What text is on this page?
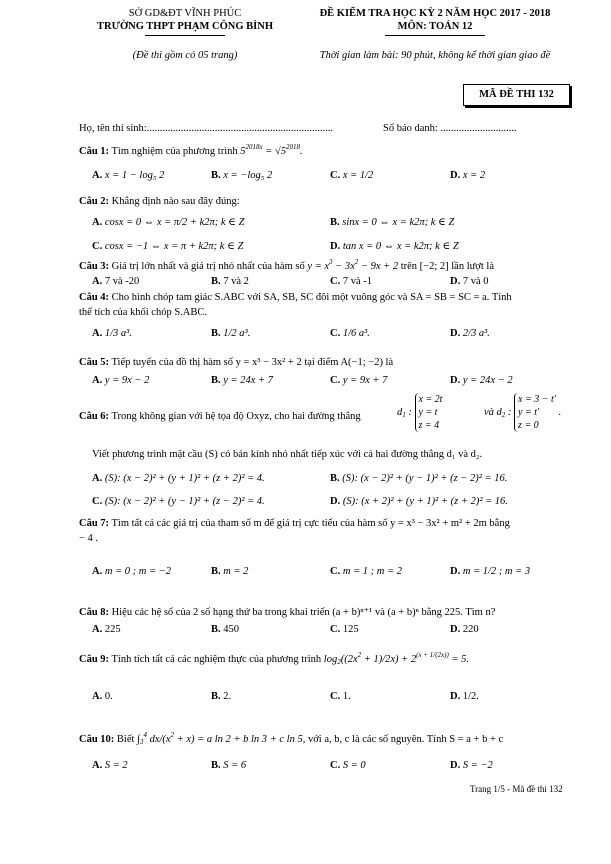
SỞ GD&ĐT VĨNH PHÚC
TRƯỜNG THPT PHẠM CÔNG BÌNH
(Đề thi gồm có 05 trang)
ĐỀ KIỂM TRA HỌC KỲ 2 NĂM HỌC 2017 - 2018
MÔN: TOÁN 12
Thời gian làm bài: 90 phút, không kể thời gian giao đề
MÃ ĐỀ THI 132
Họ, tên thí sinh:.......................................................................	Số báo danh: .............................
Câu 1: Tìm nghiệm của phương trình $5^{2018x} = √5^{2018}$.
A. x = 1 − log₅ 2	B. x = −log₅ 2	C. x = 1/2	D. x = 2
Câu 2: Khẳng định nào sau đây đúng:
A. cosx = 0 ⇔ x = π/2 + k2π; k ∈ Z	B. sinx = 0 ⇔ x = k2π; k ∈ Z
C. cosx = −1 ⇔ x = π + k2π; k ∈ Z	D. tan x = 0 ⇔ x = k2π; k ∈ Z
Câu 3: Giá trị lớn nhất và giá trị nhỏ nhất của hàm số $y = x^3 - 3x^2 - 9x + 2$ trên [−2; 2] lần lượt là
A. 7 và -20	B. 7 và 2	C. 7 và -1	D. 7 và 0
Câu 4: Cho hình chóp tam giác S.ABC với SA, SB, SC đôi một vuông góc và SA = SB = SC = a. Tính
thể tích của khối chóp S.ABC.
A. 1/3 a³.	B. 1/2 a³.	C. 1/6 a³.	D. 2/3 a³.
Câu 5: Tiếp tuyến của đồ thị hàm số y = x³ − 3x² + 2 tại điểm A(−1; −2) là
A. y = 9x − 2	B. y = 24x + 7	C. y = 9x + 7	D. y = 24x − 2
Câu 6: Trong không gian với hệ tọa độ Oxyz, cho hai đường thẳng	$d_1$ : x = 2t
y = t
z = 4
và $d_2$ : x = 3 − t′
y = t′
z = 0 .
Viết phương trình mặt cầu (S) có bán kính nhỏ nhất tiếp xúc với cả hai đường thẳng d₁ và d₂.
A. (S): (x − 2)² + (y + 1)² + (z + 2)² = 4.	B. (S): (x − 2)² + (y − 1)² + (z − 2)² = 16.
C. (S): (x − 2)² + (y − 1)² + (z − 2)² = 4.	D. (S): (x + 2)² + (y + 1)² + (z + 2)² = 16.
Câu 7: Tìm tất cả các giá trị của tham số m để giá trị cực tiểu của hàm số y = x³ − 3x² + m² + 2m bằng
− 4 .
A. m = 0 ; m = −2	B. m = 2	C. m = 1 ; m = 2	D. m = 1/2 ; m = 3
Câu 8: Hiệu các hệ số của 2 số hạng thứ ba trong khai triển (a + b)ⁿ⁺¹ và (a + b)ⁿ bằng 225. Tìm n?
A. 225	B. 450	C. 125	D. 220
Câu 9: Tính tích tất cả các nghiệm thực của phương trình $\log_2((2x^2 + 1)/2x) + 2^{(x + 1/(2x))} = 5$.
A. 0.	B. 2.	C. 1.	D. 1/2.
Câu 10: Biết $\int_3^4$ $dx/(x^2 + x) = a$ ln 2 + b ln 3 + c ln 5, với a, b, c là các số nguyên. Tính S = a + b + c
A. S = 2	B. S = 6	C. S = 0	D. S = −2
Trang 1/5 - Mã đề thi 132
